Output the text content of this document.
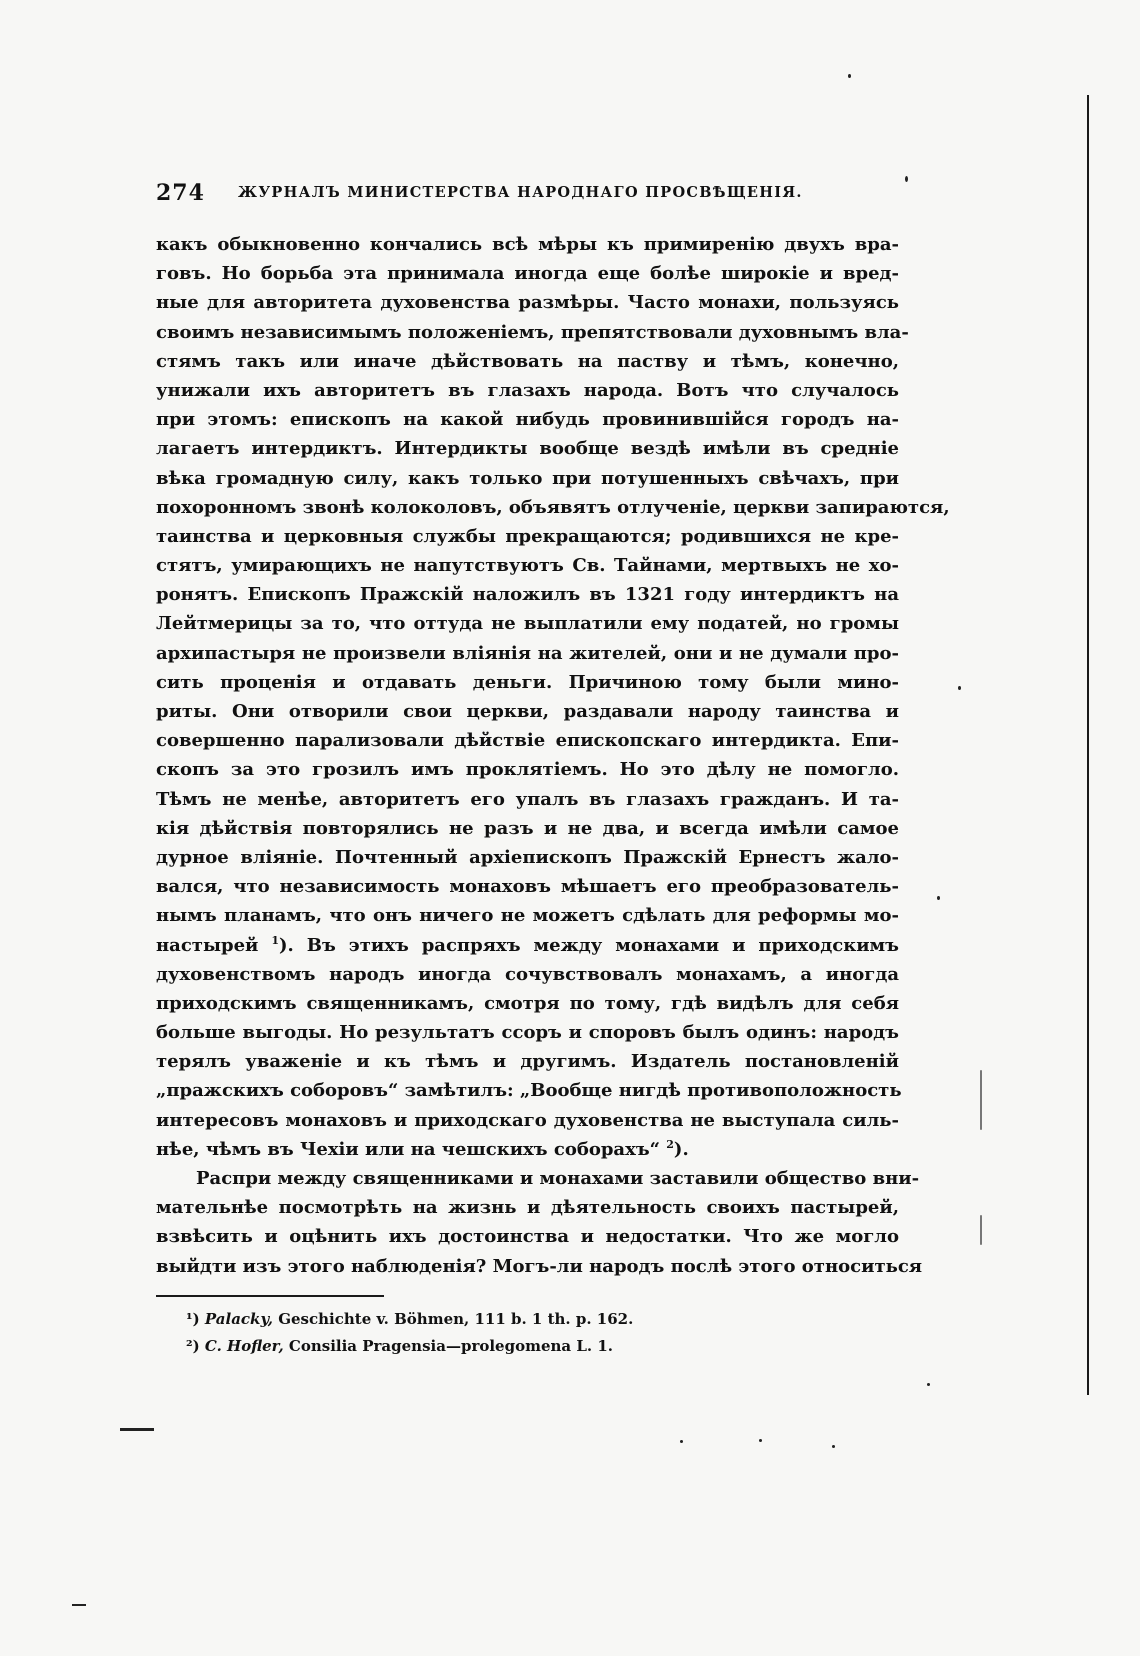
274 ЖУРНАЛЪ МИНИСТЕРСТВА НАРОДНАГО ПРОСВѢЩЕНІЯ.
какъ обыкновенно кончались всѣ мѣры къ примиренію двухъ вра-
говъ. Но борьба эта принимала иногда еще болѣе широкіе и вред-
ные для авторитета духовенства размѣры. Часто монахи, пользуясь
своимъ независимымъ положеніемъ, препятствовали духовнымъ вла-
стямъ такъ или иначе дѣйствовать на паству и тѣмъ, конечно,
унижали ихъ авторитетъ въ глазахъ народа. Вотъ что случалось
при этомъ: епископъ на какой нибудь провинившійся городъ на-
лагаетъ интердиктъ. Интердикты вообще вездѣ имѣли въ средніе
вѣка громадную силу, какъ только при потушенныхъ свѣчахъ, при
похоронномъ звонѣ колоколовъ, объявятъ отлученіе, церкви запираются,
таинства и церковныя службы прекращаются; родившихся не кре-
стятъ, умирающихъ не напутствуютъ Св. Тайнами, мертвыхъ не хо-
ронятъ. Епископъ Пражскій наложилъ въ 1321 году интердиктъ на
Лейтмерицы за то, что оттуда не выплатили ему податей, но громы
архипастыря не произвели вліянія на жителей, они и не думали про-
сить проценія и отдавать деньги. Причиною тому были мино-
риты. Они отворили свои церкви, раздавали народу таинства и
совершенно парализовали дѣйствіе епископскаго интердикта. Епи-
скопъ за это грозилъ имъ проклятіемъ. Но это дѣлу не помогло.
Тѣмъ не менѣе, авторитетъ его упалъ въ глазахъ гражданъ. И та-
кія дѣйствія повторялись не разъ и не два, и всегда имѣли самое
дурное вліяніе. Почтенный архіепископъ Пражскій Ернестъ жало-
вался, что независимость монаховъ мѣшаетъ его преобразователь-
нымъ планамъ, что онъ ничего не можетъ сдѣлать для реформы мо-
настырей $^1$). Въ этихъ распряхъ между монахами и приходскимъ
духовенствомъ народъ иногда сочувствовалъ монахамъ, а иногда
приходскимъ священникамъ, смотря по тому, гдѣ видѣлъ для себя
больше выгоды. Но результатъ ссоръ и споровъ былъ одинъ: народъ
терялъ уваженіе и къ тѣмъ и другимъ. Издатель постановленій
„пражскихъ соборовъ“ замѣтилъ: „Вообще нигдѣ противоположность
интересовъ монаховъ и приходскаго духовенства не выступала силь-
нѣе, чѣмъ въ Чехіи или на чешскихъ соборахъ“ $^2$).
Распри между священниками и монахами заставили общество вни-
мательнѣе посмотрѣть на жизнь и дѣятельность своихъ пастырей,
взвѣсить и оцѣнить ихъ достоинства и недостатки. Что же могло
выйдти изъ этого наблюденія? Могъ-ли народъ послѣ этого относиться
¹) Palacky, Geschichte v. Böhmen, 111 b. 1 th. p. 162.
²) C. Hofler, Consilia Pragensia—prolegomena L. 1.
